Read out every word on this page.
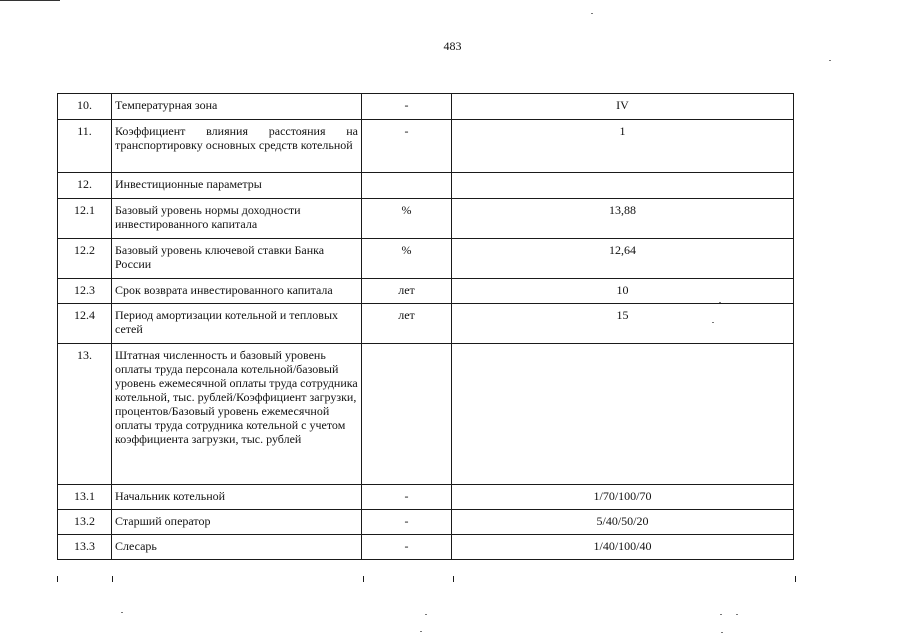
483
10.	Температурная зона	-	IV
11.	Коэффициент влияния расстояния на транспортировку основных средств котельной	-	1
12.	Инвестиционные параметры		
12.1	Базовый уровень нормы доходности инвестированного капитала	%	13,88
12.2	Базовый уровень ключевой ставки Банка России	%	12,64
12.3	Срок возврата инвестированного капитала	лет	10
12.4	Период амортизации котельной и тепловых сетей	лет	15
13.	Штатная численность и базовый уровень оплаты труда персонала котельной/базовый уровень ежемесячной оплаты труда сотрудника котельной, тыс. рублей/Коэффициент загрузки, процентов/Базовый уровень ежемесячной оплаты труда сотрудника котельной с учетом коэффициента загрузки, тыс. рублей		
13.1	Начальник котельной	-	1/70/100/70
13.2	Старший оператор	-	5/40/50/20
13.3	Слесарь	-	1/40/100/40
